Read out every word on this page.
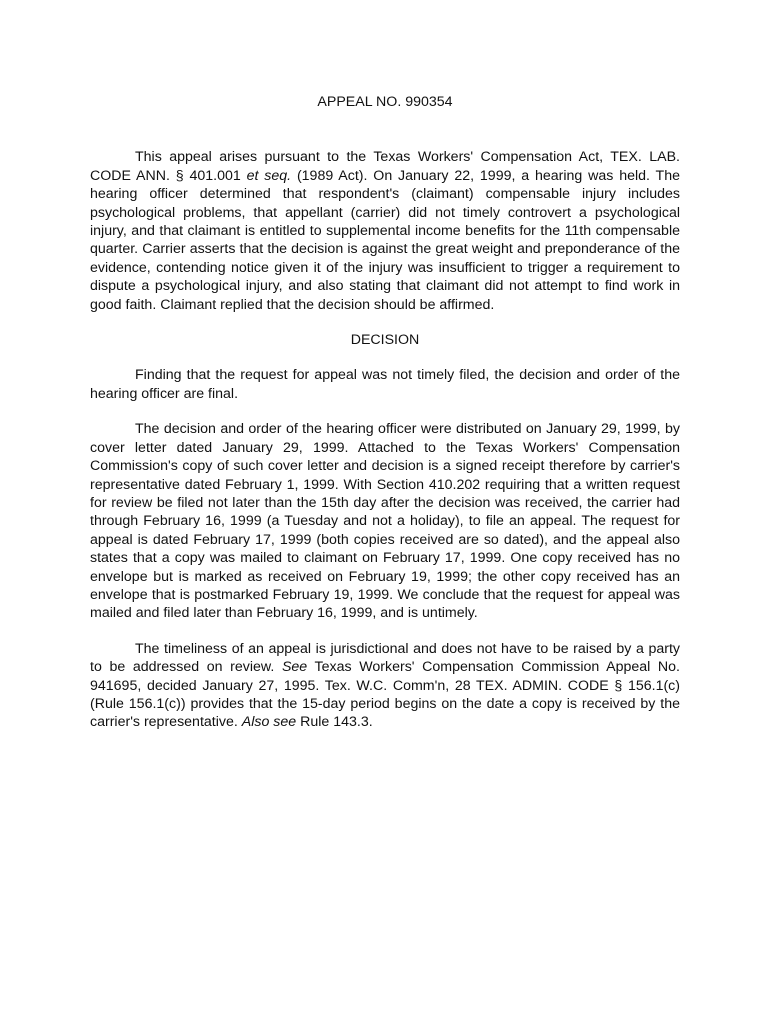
APPEAL NO. 990354

This appeal arises pursuant to the Texas Workers' Compensation Act, TEX. LAB. CODE ANN. § 401.001 et seq. (1989 Act). On January 22, 1999, a hearing was held. The hearing officer determined that respondent's (claimant) compensable injury includes psychological problems, that appellant (carrier) did not timely controvert a psychological injury, and that claimant is entitled to supplemental income benefits for the 11th compensable quarter. Carrier asserts that the decision is against the great weight and preponderance of the evidence, contending notice given it of the injury was insufficient to trigger a requirement to dispute a psychological injury, and also stating that claimant did not attempt to find work in good faith. Claimant replied that the decision should be affirmed.

DECISION

Finding that the request for appeal was not timely filed, the decision and order of the hearing officer are final.

The decision and order of the hearing officer were distributed on January 29, 1999, by cover letter dated January 29, 1999. Attached to the Texas Workers' Compensation Commission's copy of such cover letter and decision is a signed receipt therefore by carrier's representative dated February 1, 1999. With Section 410.202 requiring that a written request for review be filed not later than the 15th day after the decision was received, the carrier had through February 16, 1999 (a Tuesday and not a holiday), to file an appeal. The request for appeal is dated February 17, 1999 (both copies received are so dated), and the appeal also states that a copy was mailed to claimant on February 17, 1999. One copy received has no envelope but is marked as received on February 19, 1999; the other copy received has an envelope that is postmarked February 19, 1999. We conclude that the request for appeal was mailed and filed later than February 16, 1999, and is untimely.

The timeliness of an appeal is jurisdictional and does not have to be raised by a party to be addressed on review. See Texas Workers' Compensation Commission Appeal No. 941695, decided January 27, 1995. Tex. W.C. Comm'n, 28 TEX. ADMIN. CODE § 156.1(c) (Rule 156.1(c)) provides that the 15-day period begins on the date a copy is received by the carrier's representative. Also see Rule 143.3.
